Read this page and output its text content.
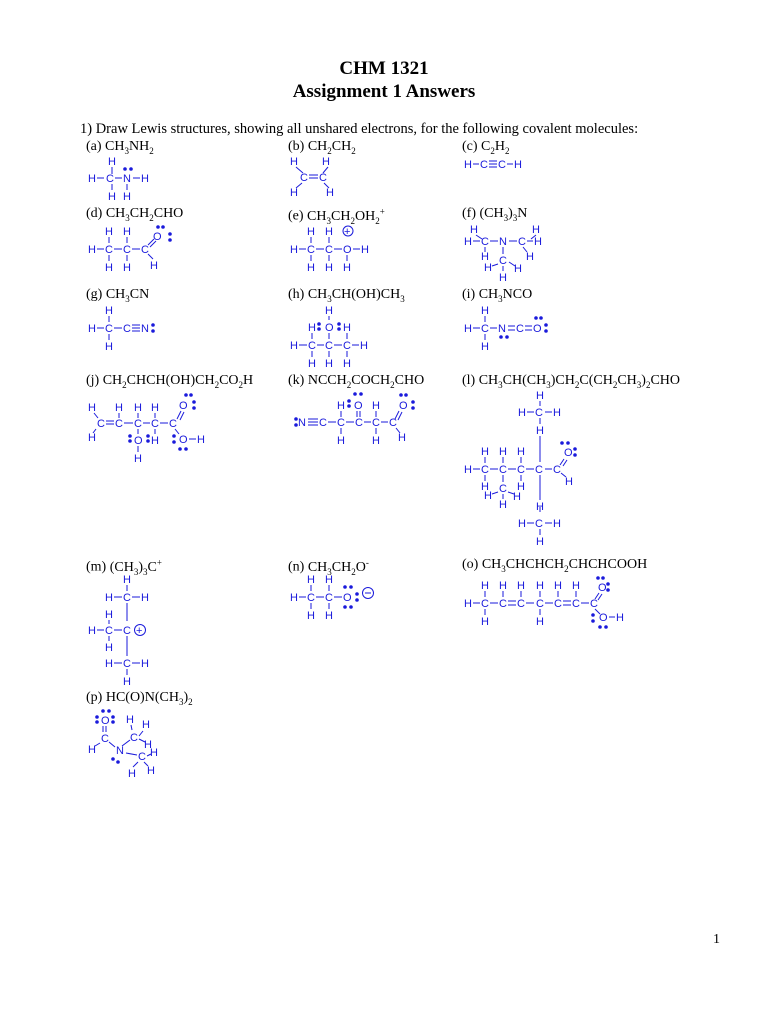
CHM 1321
Assignment 1 Answers
1) Draw Lewis structures, showing all unshared electrons, for the following covalent molecules:
(a) $CH_3NH_2$	(b) $CH_2CH_2$	(c) $C_2H_2$
(d) $CH_3CH_2CHO$	(e) $CH_3CH_2OH_2^+$	(f) $(CH_3)_3N$
(g) $CH_3CN$	(h) $CH_3CH(OH)CH_3$	(i) $CH_3NCO$
(j) $CH_2CHCH(OH)CH_2CO_2H$ (k) $NCCH_2COCH_2CHO$	(l) $CH_3CH(CH_3)CH_2C(CH_2CH_3)_2CHO$
(m) $(CH_3)_3C^+$	(n) $CH_3CH_2O^-$	(o) $CH_3CHCHCH_2CHCHCOOH$
(p) $HC(O)N(CH_3)_2$
H
H C N H
H H
H H
C C
H	H
H C C H
H H
H C C C
O
H H H
H H +
H C C O H
H H H
H	H
H C N C H
H	H
C
H H
H
H
H C C N
H
H
H O H
H C C C H
H H H
H
H C N C O
H
H H H H
C C C C C
H
O
O H
H
O H
H O H O
N C C C C C
H H H
H
H C H
H
O
H H H
H C C C C C
H
H	H
C
H H
H	H
H C H
H
H
H C H
H C C +
H
H
H C H
H
H H
H C C O
H H
H H H H H H O
H C C C C C C C
H	H	O H
O
C
H N
H H
C
H
C H
H
H
1
